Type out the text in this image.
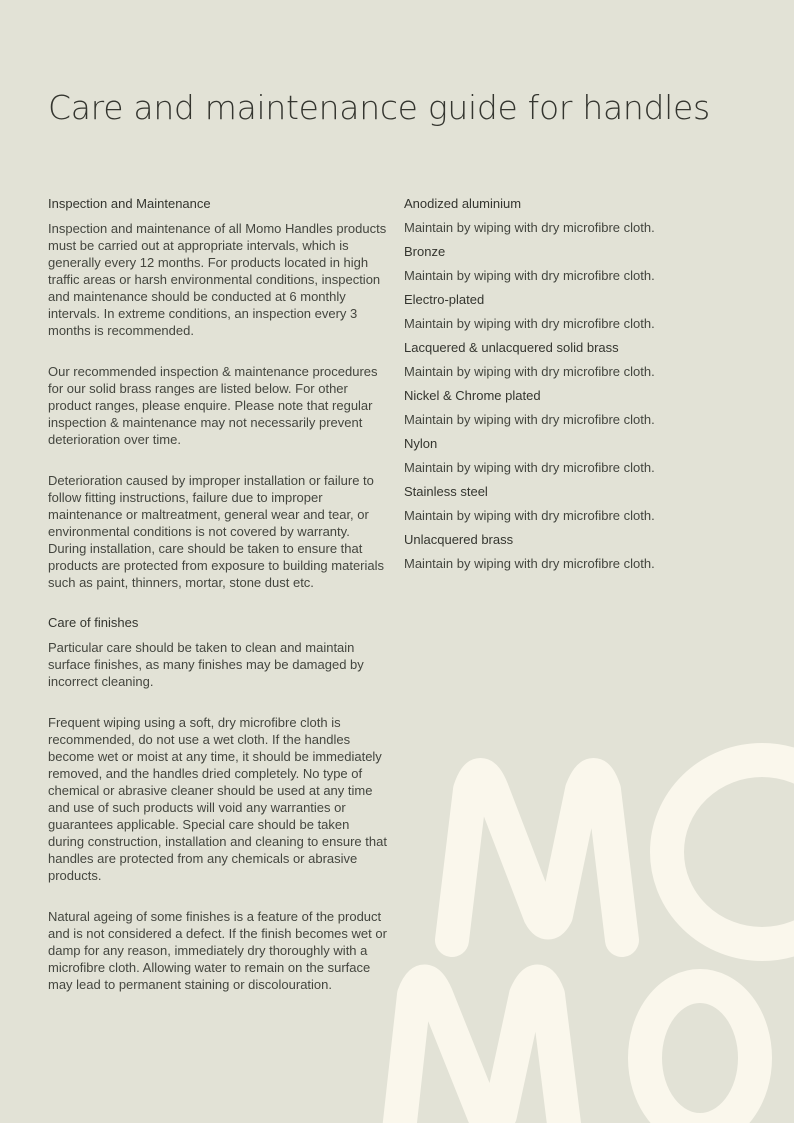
Care and maintenance guide for handles
Inspection and Maintenance

Inspection and maintenance of all Momo Handles products must be carried out at appropriate intervals, which is generally every 12 months. For products located in high traffic areas or harsh environmental conditions, inspection and maintenance should be conducted at 6 monthly intervals. In extreme conditions, an inspection every 3 months is recommended.

Our recommended inspection & maintenance procedures for our solid brass ranges are listed below. For other product ranges, please enquire. Please note that regular inspection & maintenance may not necessarily prevent deterioration over time.

Deterioration caused by improper installation or failure to follow fitting instructions, failure due to improper maintenance or maltreatment, general wear and tear, or environmental conditions is not covered by warranty. During installation, care should be taken to ensure that products are protected from exposure to building materials such as paint, thinners, mortar, stone dust etc.

Care of finishes

Particular care should be taken to clean and maintain surface finishes, as many finishes may be damaged by incorrect cleaning.

Frequent wiping using a soft, dry microfibre cloth is recommended, do not use a wet cloth. If the handles become wet or moist at any time, it should be immediately removed, and the handles dried completely. No type of chemical or abrasive cleaner should be used at any time and use of such products will void any warranties or guarantees applicable. Special care should be taken during construction, installation and cleaning to ensure that handles are protected from any chemicals or abrasive products.

Natural ageing of some finishes is a feature of the product and is not considered a defect. If the finish becomes wet or damp for any reason, immediately dry thoroughly with a microfibre cloth. Allowing water to remain on the surface may lead to permanent staining or discolouration.

Anodized aluminium

Maintain by wiping with dry microfibre cloth.

Bronze

Maintain by wiping with dry microfibre cloth.

Electro-plated

Maintain by wiping with dry microfibre cloth.

Lacquered & unlacquered solid brass

Maintain by wiping with dry microfibre cloth.

Nickel & Chrome plated

Maintain by wiping with dry microfibre cloth.

Nylon

Maintain by wiping with dry microfibre cloth.

Stainless steel

Maintain by wiping with dry microfibre cloth.

Unlacquered brass

Maintain by wiping with dry microfibre cloth.
